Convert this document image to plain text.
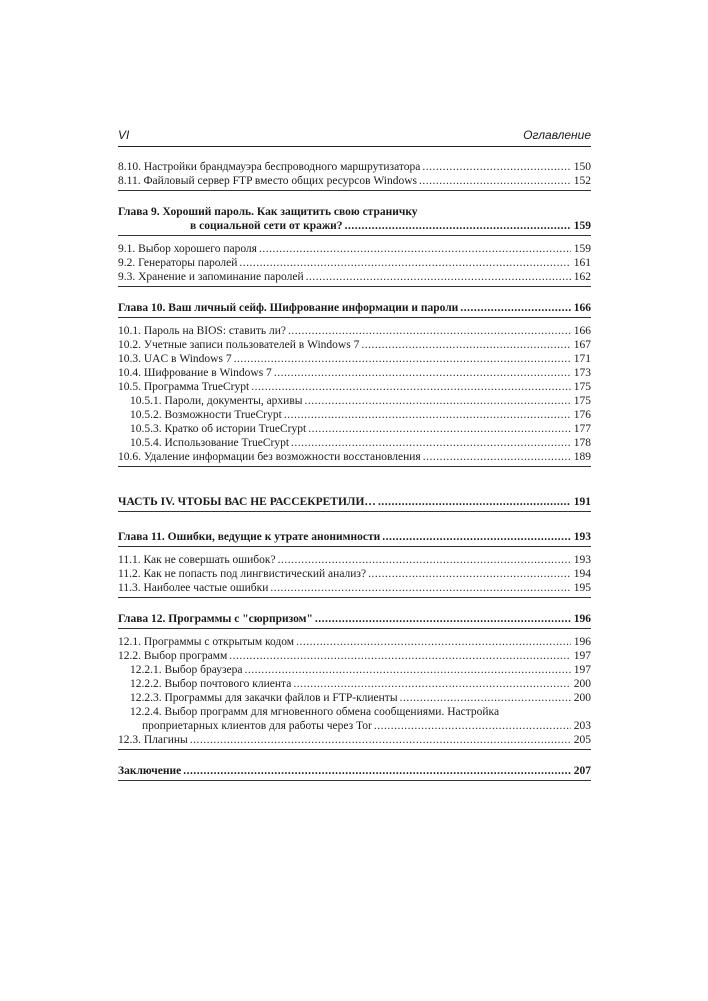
VI	Оглавление
8.10. Настройки брандмауэра беспроводного маршрутизатора .....	150
8.11. Файловый сервер FTP вместо общих ресурсов Windows .....	152
Глава 9. Хороший пароль. Как защитить свою страничку
в социальной сети от кражи? .....	159
9.1. Выбор хорошего пароля .....	159
9.2. Генераторы паролей .....	161
9.3. Хранение и запоминание паролей .....	162
Глава 10. Ваш личный сейф. Шифрование информации и пароли .....	166
10.1. Пароль на BIOS: ставить ли? .....	166
10.2. Учетные записи пользователей в Windows 7 .....	167
10.3. UAC в Windows 7 .....	171
10.4. Шифрование в Windows 7 .....	173
10.5. Программа TrueCrypt .....	175
10.5.1. Пароли, документы, архивы .....	175
10.5.2. Возможности TrueCrypt .....	176
10.5.3. Кратко об истории TrueCrypt .....	177
10.5.4. Использование TrueCrypt .....	178
10.6. Удаление информации без возможности восстановления .....	189
ЧАСТЬ IV. ЧТОБЫ ВАС НЕ РАССЕКРЕТИЛИ… .....	191
Глава 11. Ошибки, ведущие к утрате анонимности .....	193
11.1. Как не совершать ошибок? .....	193
11.2. Как не попасть под лингвистический анализ? .....	194
11.3. Наиболее частые ошибки .....	195
Глава 12. Программы с "сюрпризом" .....	196
12.1. Программы с открытым кодом .....	196
12.2. Выбор программ .....	197
12.2.1. Выбор браузера .....	197
12.2.2. Выбор почтового клиента .....	200
12.2.3. Программы для закачки файлов и FTP-клиенты .....	200
12.2.4. Выбор программ для мгновенного обмена сообщениями. Настройка
проприетарных клиентов для работы через Tor .....	203
12.3. Плагины .....	205
Заключение .....	207
